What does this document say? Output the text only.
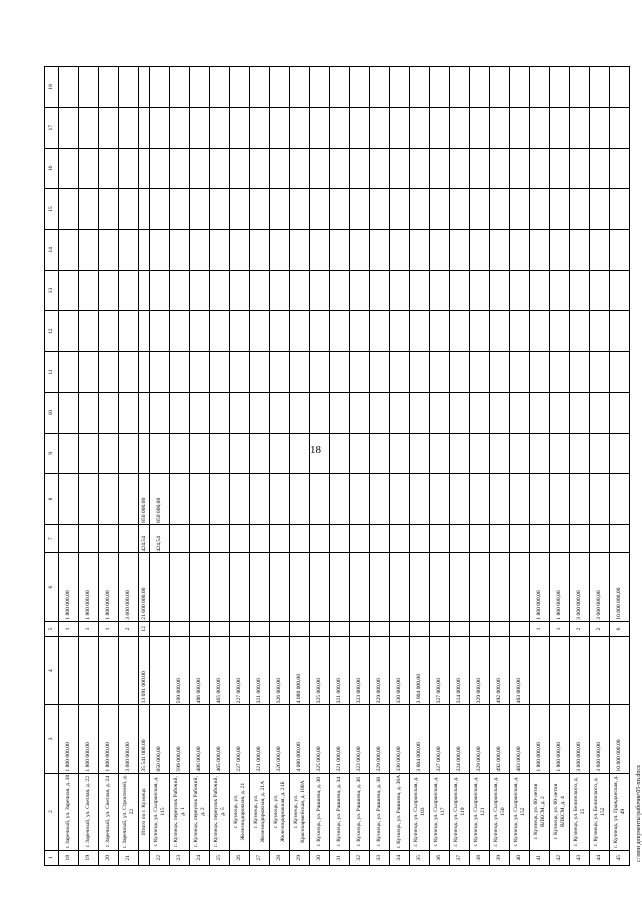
18
1	2	3	4	5	6	7	8	9	10	11	12	13	14	15	16	17	18
18	г. Заречный, ул. Заречная, д. 30	1 800 000,00		1	1 800 000,00												
19	г. Заречный, ул. Светлая, д. 22	1 800 000,00		1	1 800 000,00												
20	г. Заречный, ул. Светлая, д. 24	1 800 000,00		1	1 800 000,00												
21	г. Заречный, ул. Строителей, д. 22	3 600 000,00		2	3 600 000,00												
	Итого по г. Кузнецк	35 541 000,00	13 091 000,00	12	21 600 000,00	424,54	850 000,00										
22	г. Кузнецк, ул. Сызранская, д. 115	850 000,00				424,54	850 000,00										
23	г. Кузнецк, переулок Рабочий, д. 1	599 000,00	599 000,00														
24	г. Кузнецк, переулок Рабочий, д. 2	486 000,00	486 000,00														
25	г. Кузнецк, переулок Рабочий, д. 5	465 000,00	465 000,00														
26	г. Кузнецк, ул. Железнодорожная, д. 21	227 000,00	227 000,00														
27	г. Кузнецк, ул. Железнодорожная, д. 21А	321 000,00	321 000,00														
28	г. Кузнецк, ул. Железнодорожная, д. 21Б	326 000,00	326 000,00														
29	г. Кузнецк, ул. Красноармейская, д. 108А	4 080 000,00	4 080 000,00														
30	г. Кузнецк, ул. Рашиева, д. 30	325 000,00	325 000,00														
31	г. Кузнецк, ул. Рашиева, д. 34	321 000,00	321 000,00														
32	г. Кузнецк, ул. Рашиева, д. 36	323 000,00	323 000,00														
33	г. Кузнецк, ул. Рашиева, д. 38	329 000,00	329 000,00														
34	г. Кузнецк, ул. Рашиева, д. 38А	330 000,00	330 000,00														
35	г. Кузнецк, ул. Сызранская, д. 103	3 004 000,00	3 004 000,00														
36	г. Кузнецк, ул. Сызранская, д. 117	327 000,00	327 000,00														
37	г. Кузнецк, ул. Сызранская, д. 119	324 000,00	324 000,00														
38	г. Кузнецк, ул. Сызранская, д. 121	329 000,00	329 000,00														
39	г. Кузнецк, ул. Сызранская, д. 150	492 000,00	492 000,00														
40	г. Кузнецк, ул. Сызранская, д. 152	483 000,00	483 000,00														
41	г. Кузнецк, ул. 60-летия ВЛКСМ, д. 2	1 800 000,00		1	1 800 000,00												
42	г. Кузнецк, ул. 60-летия ВЛКСМ, д. 4	1 800 000,00		1	1 800 000,00												
43	г. Кузнецк, ул. Белинского, д. 15	3 600 000,00		2	3 600 000,00												
44	г. Кузнецк, ул. Белинского, д. 152	3 600 000,00		2	3 600 000,00												
45	г. Кузнецк, ул. Гражданская, д. 49	10 800 000,00		6	10 800 000,00												
c:\мои документы\рабочие\05-пп.docx
